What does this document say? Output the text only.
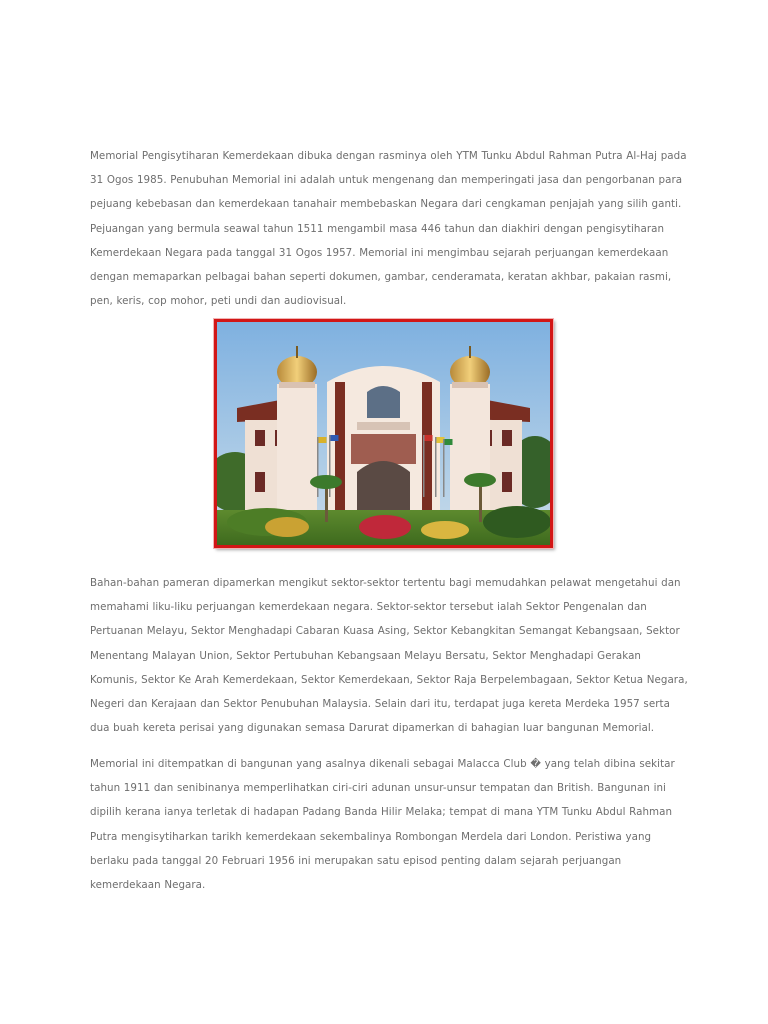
Memorial Pengisytiharan Kemerdekaan dibuka dengan rasminya oleh YTM Tunku Abdul Rahman Putra Al-Haj pada 31 Ogos 1985. Penubuhan Memorial ini adalah untuk mengenang dan memperingati jasa dan pengorbanan para pejuang kebebasan dan kemerdekaan tanahair membebaskan Negara dari cengkaman penjajah yang silih ganti. Pejuangan yang bermula seawal tahun 1511 mengambil masa 446 tahun dan diakhiri dengan pengisytiharan Kemerdekaan Negara pada tanggal 31 Ogos 1957. Memorial ini mengimbau sejarah perjuangan kemerdekaan dengan memaparkan pelbagai bahan seperti dokumen, gambar, cenderamata, keratan akhbar, pakaian rasmi, pen, keris, cop mohor, peti undi dan audiovisual.

Bahan-bahan pameran dipamerkan mengikut sektor-sektor tertentu bagi memudahkan pelawat mengetahui dan memahami liku-liku perjuangan kemerdekaan negara. Sektor-sektor tersebut ialah Sektor Pengenalan dan Pertuanan Melayu, Sektor Menghadapi Cabaran Kuasa Asing, Sektor Kebangkitan Semangat Kebangsaan, Sektor Menentang Malayan Union, Sektor Pertubuhan Kebangsaan Melayu Bersatu, Sektor Menghadapi Gerakan Komunis, Sektor Ke Arah Kemerdekaan, Sektor Kemerdekaan, Sektor Raja Berpelembagaan, Sektor Ketua Negara, Negeri dan Kerajaan dan Sektor Penubuhan Malaysia. Selain dari itu, terdapat juga kereta Merdeka 1957 serta dua buah kereta perisai yang digunakan semasa Darurat dipamerkan di bahagian luar bangunan Memorial.

Memorial ini ditempatkan di bangunan yang asalnya dikenali sebagai Malacca Club � yang telah dibina sekitar tahun 1911 dan senibinanya memperlihatkan ciri-ciri adunan unsur-unsur tempatan dan British. Bangunan ini dipilih kerana ianya terletak di hadapan Padang Banda Hilir Melaka; tempat di mana YTM Tunku Abdul Rahman Putra mengisytiharkan tarikh kemerdekaan sekembalinya Rombongan Merdela dari London. Peristiwa yang berlaku pada tanggal 20 Februari 1956 ini merupakan satu episod penting dalam sejarah perjuangan kemerdekaan Negara.
